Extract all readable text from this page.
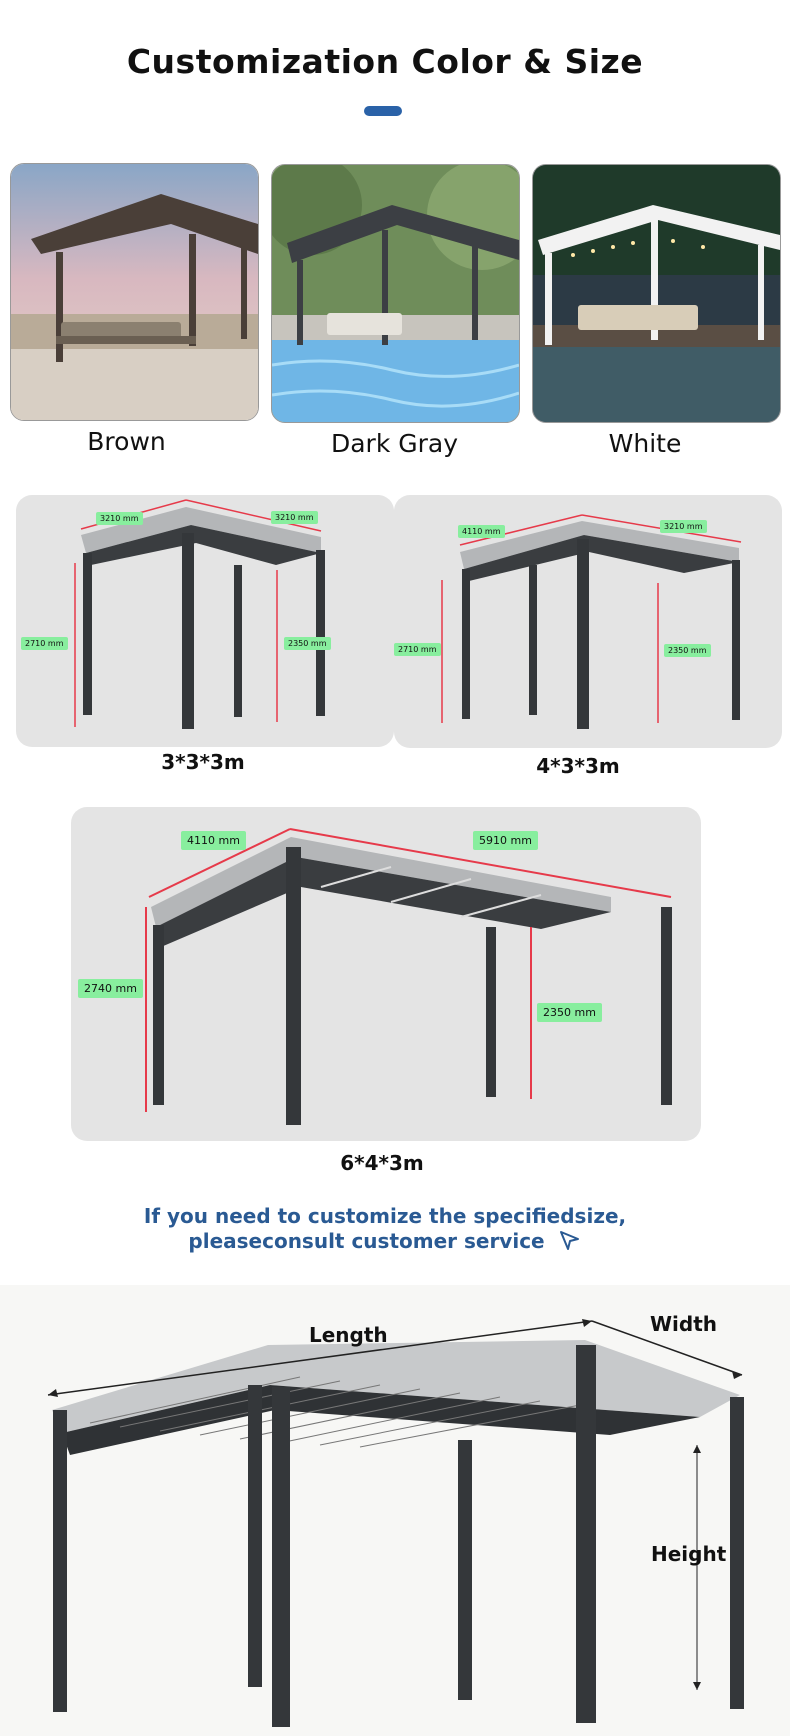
Customization Color & Size
Brown	Dark Gray	White
3210 mm	3210 mm
2710 mm	2350 mm
3*3*3m
4110 mm
3210 mm
2710 mm	2350 mm
4*3*3m
4110 mm	5910 mm
2740 mm
2350 mm
6*4*3m
If you need to customize the specifiedsize,
pleaseconsult customer service
Length	Width
Height
